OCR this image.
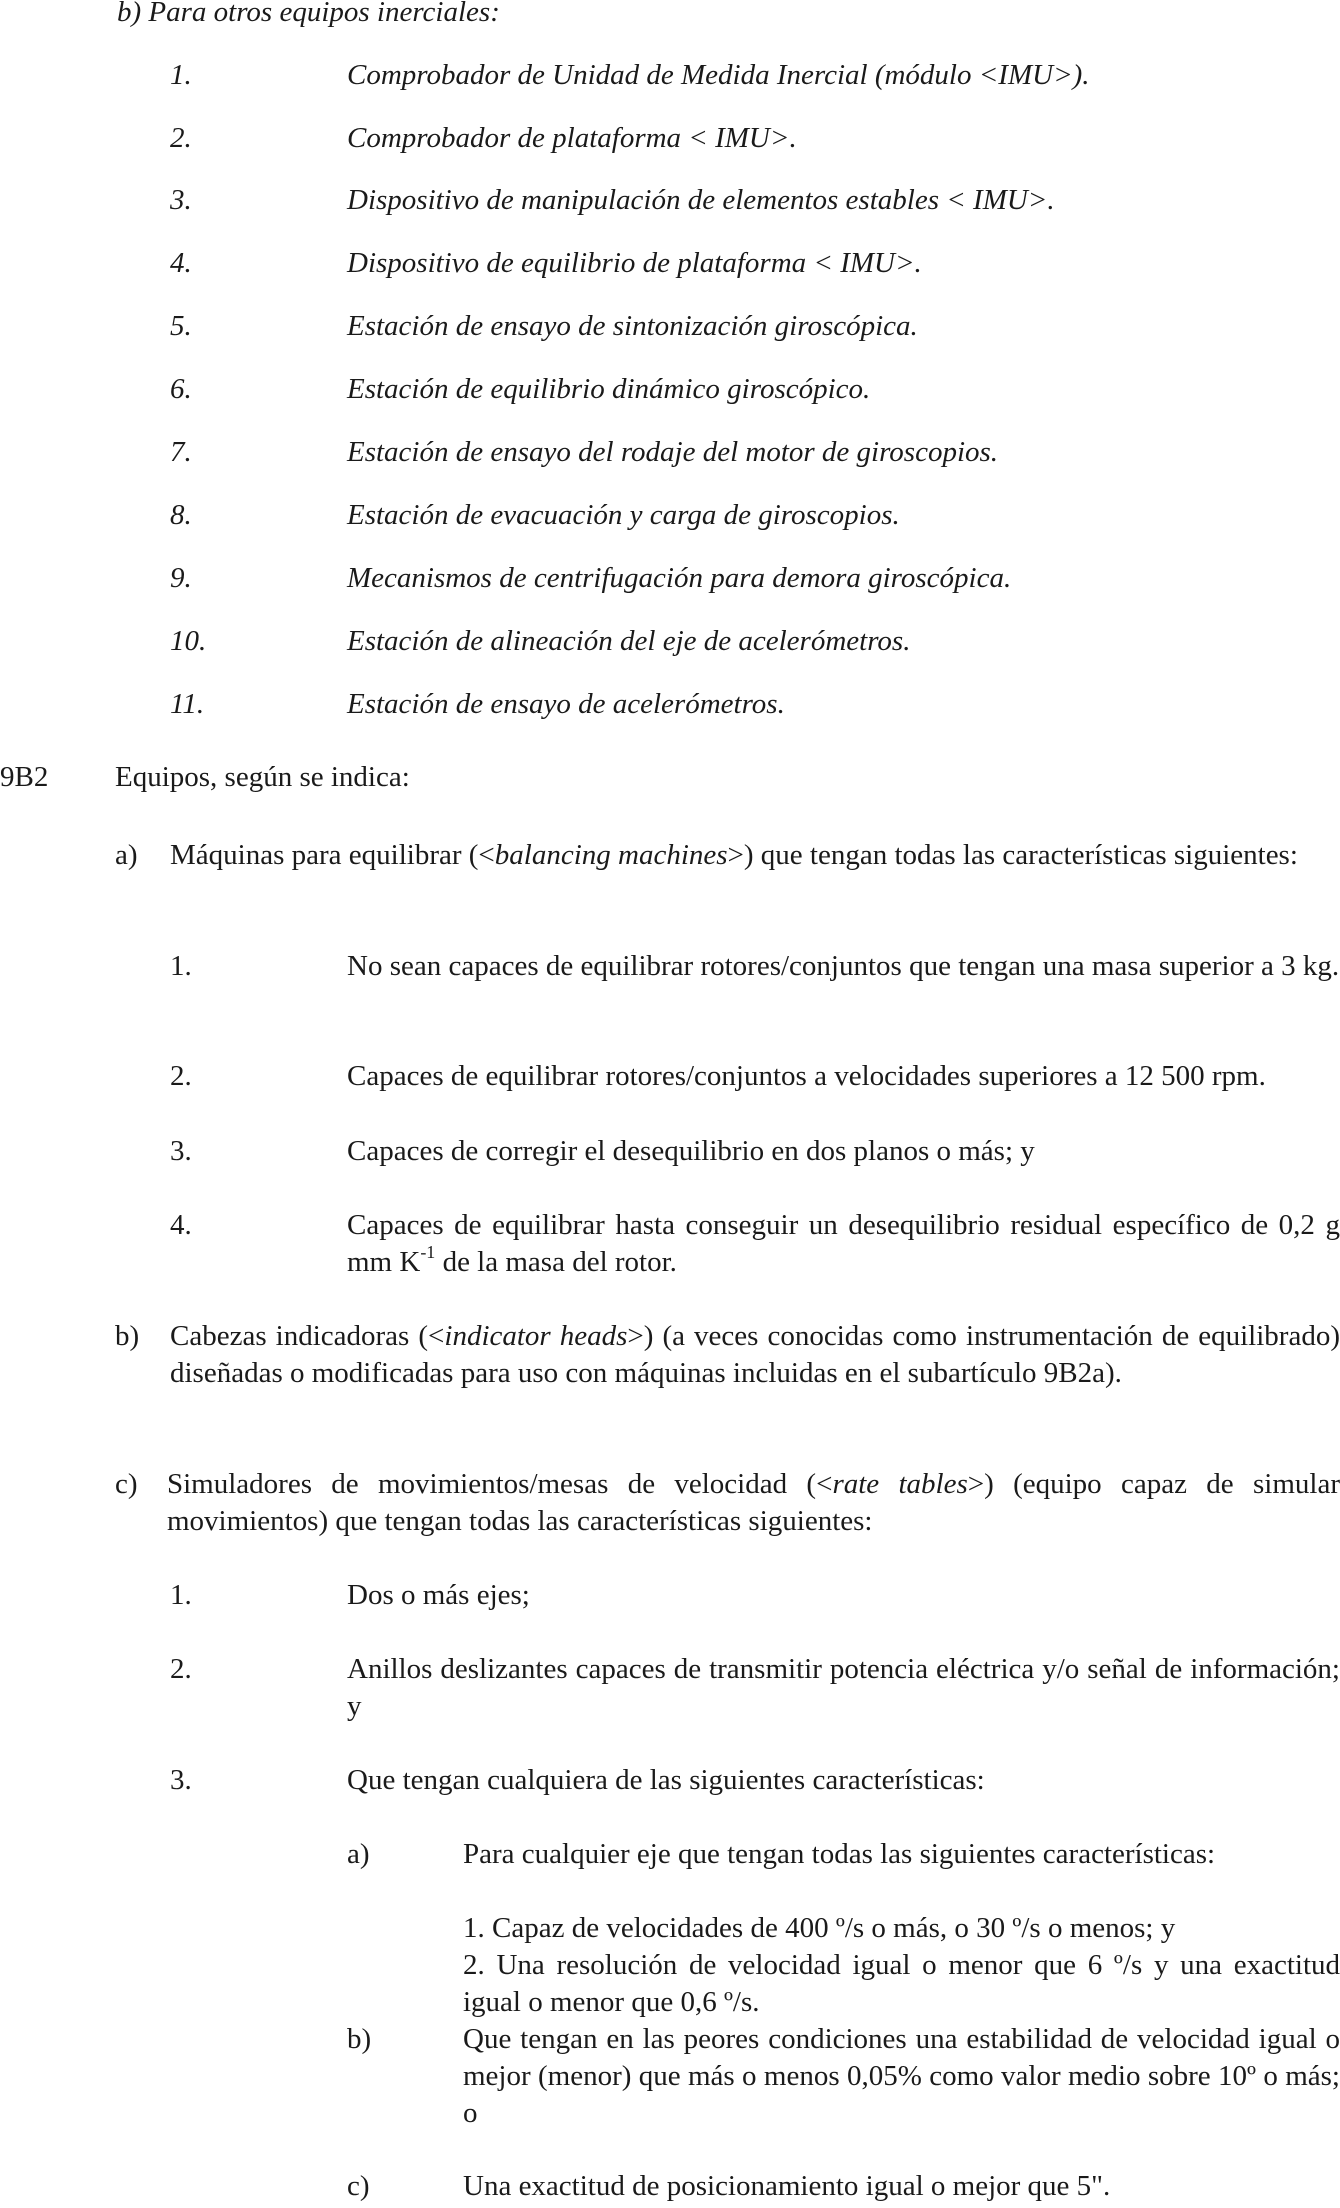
b) Para otros equipos inerciales:
1.	Comprobador de Unidad de Medida Inercial (módulo <IMU>).
2.	Comprobador de plataforma < IMU>.
3.	Dispositivo de manipulación de elementos estables < IMU>.
4.	Dispositivo de equilibrio de plataforma < IMU>.
5.	Estación de ensayo de sintonización giroscópica.
6.	Estación de equilibrio dinámico giroscópico.
7.	Estación de ensayo del rodaje del motor de giroscopios.
8.	Estación de evacuación y carga de giroscopios.
9.	Mecanismos de centrifugación para demora giroscópica.
10.	Estación de alineación del eje de acelerómetros.
11.	Estación de ensayo de acelerómetros.
9B2 Equipos, según se indica:
a) Máquinas para equilibrar (<balancing machines>) que tengan todas las características siguientes:
1.	No sean capaces de equilibrar rotores/conjuntos que tengan una masa superior a 3 kg.
2.	Capaces de equilibrar rotores/conjuntos a velocidades superiores a 12 500 rpm.
3.	Capaces de corregir el desequilibrio en dos planos o más; y
4.	Capaces de equilibrar hasta conseguir un desequilibrio residual específico de 0,2 g mm $K^{-1}$ de la masa del rotor.
b) Cabezas indicadoras (<indicator heads>) (a veces conocidas como instrumentación de equilibrado) diseñadas o modificadas para uso con máquinas incluidas en el subartículo 9B2a).
c) Simuladores de movimientos/mesas de velocidad (<rate tables>) (equipo capaz de simular movimientos) que tengan todas las características siguientes:
1.	Dos o más ejes;
2.	Anillos deslizantes capaces de transmitir potencia eléctrica y/o señal de información; y
3.	Que tengan cualquiera de las siguientes características:
a)	Para cualquier eje que tengan todas las siguientes características:
1. Capaz de velocidades de 400 º/s o más, o 30 º/s o menos; y
2. Una resolución de velocidad igual o menor que 6 º/s y una exactitud igual o menor que 0,6 º/s.
b)	Que tengan en las peores condiciones una estabilidad de velocidad igual o mejor (menor) que más o menos 0,05% como valor medio sobre 10º o más; o
c)	Una exactitud de posicionamiento igual o mejor que 5".
